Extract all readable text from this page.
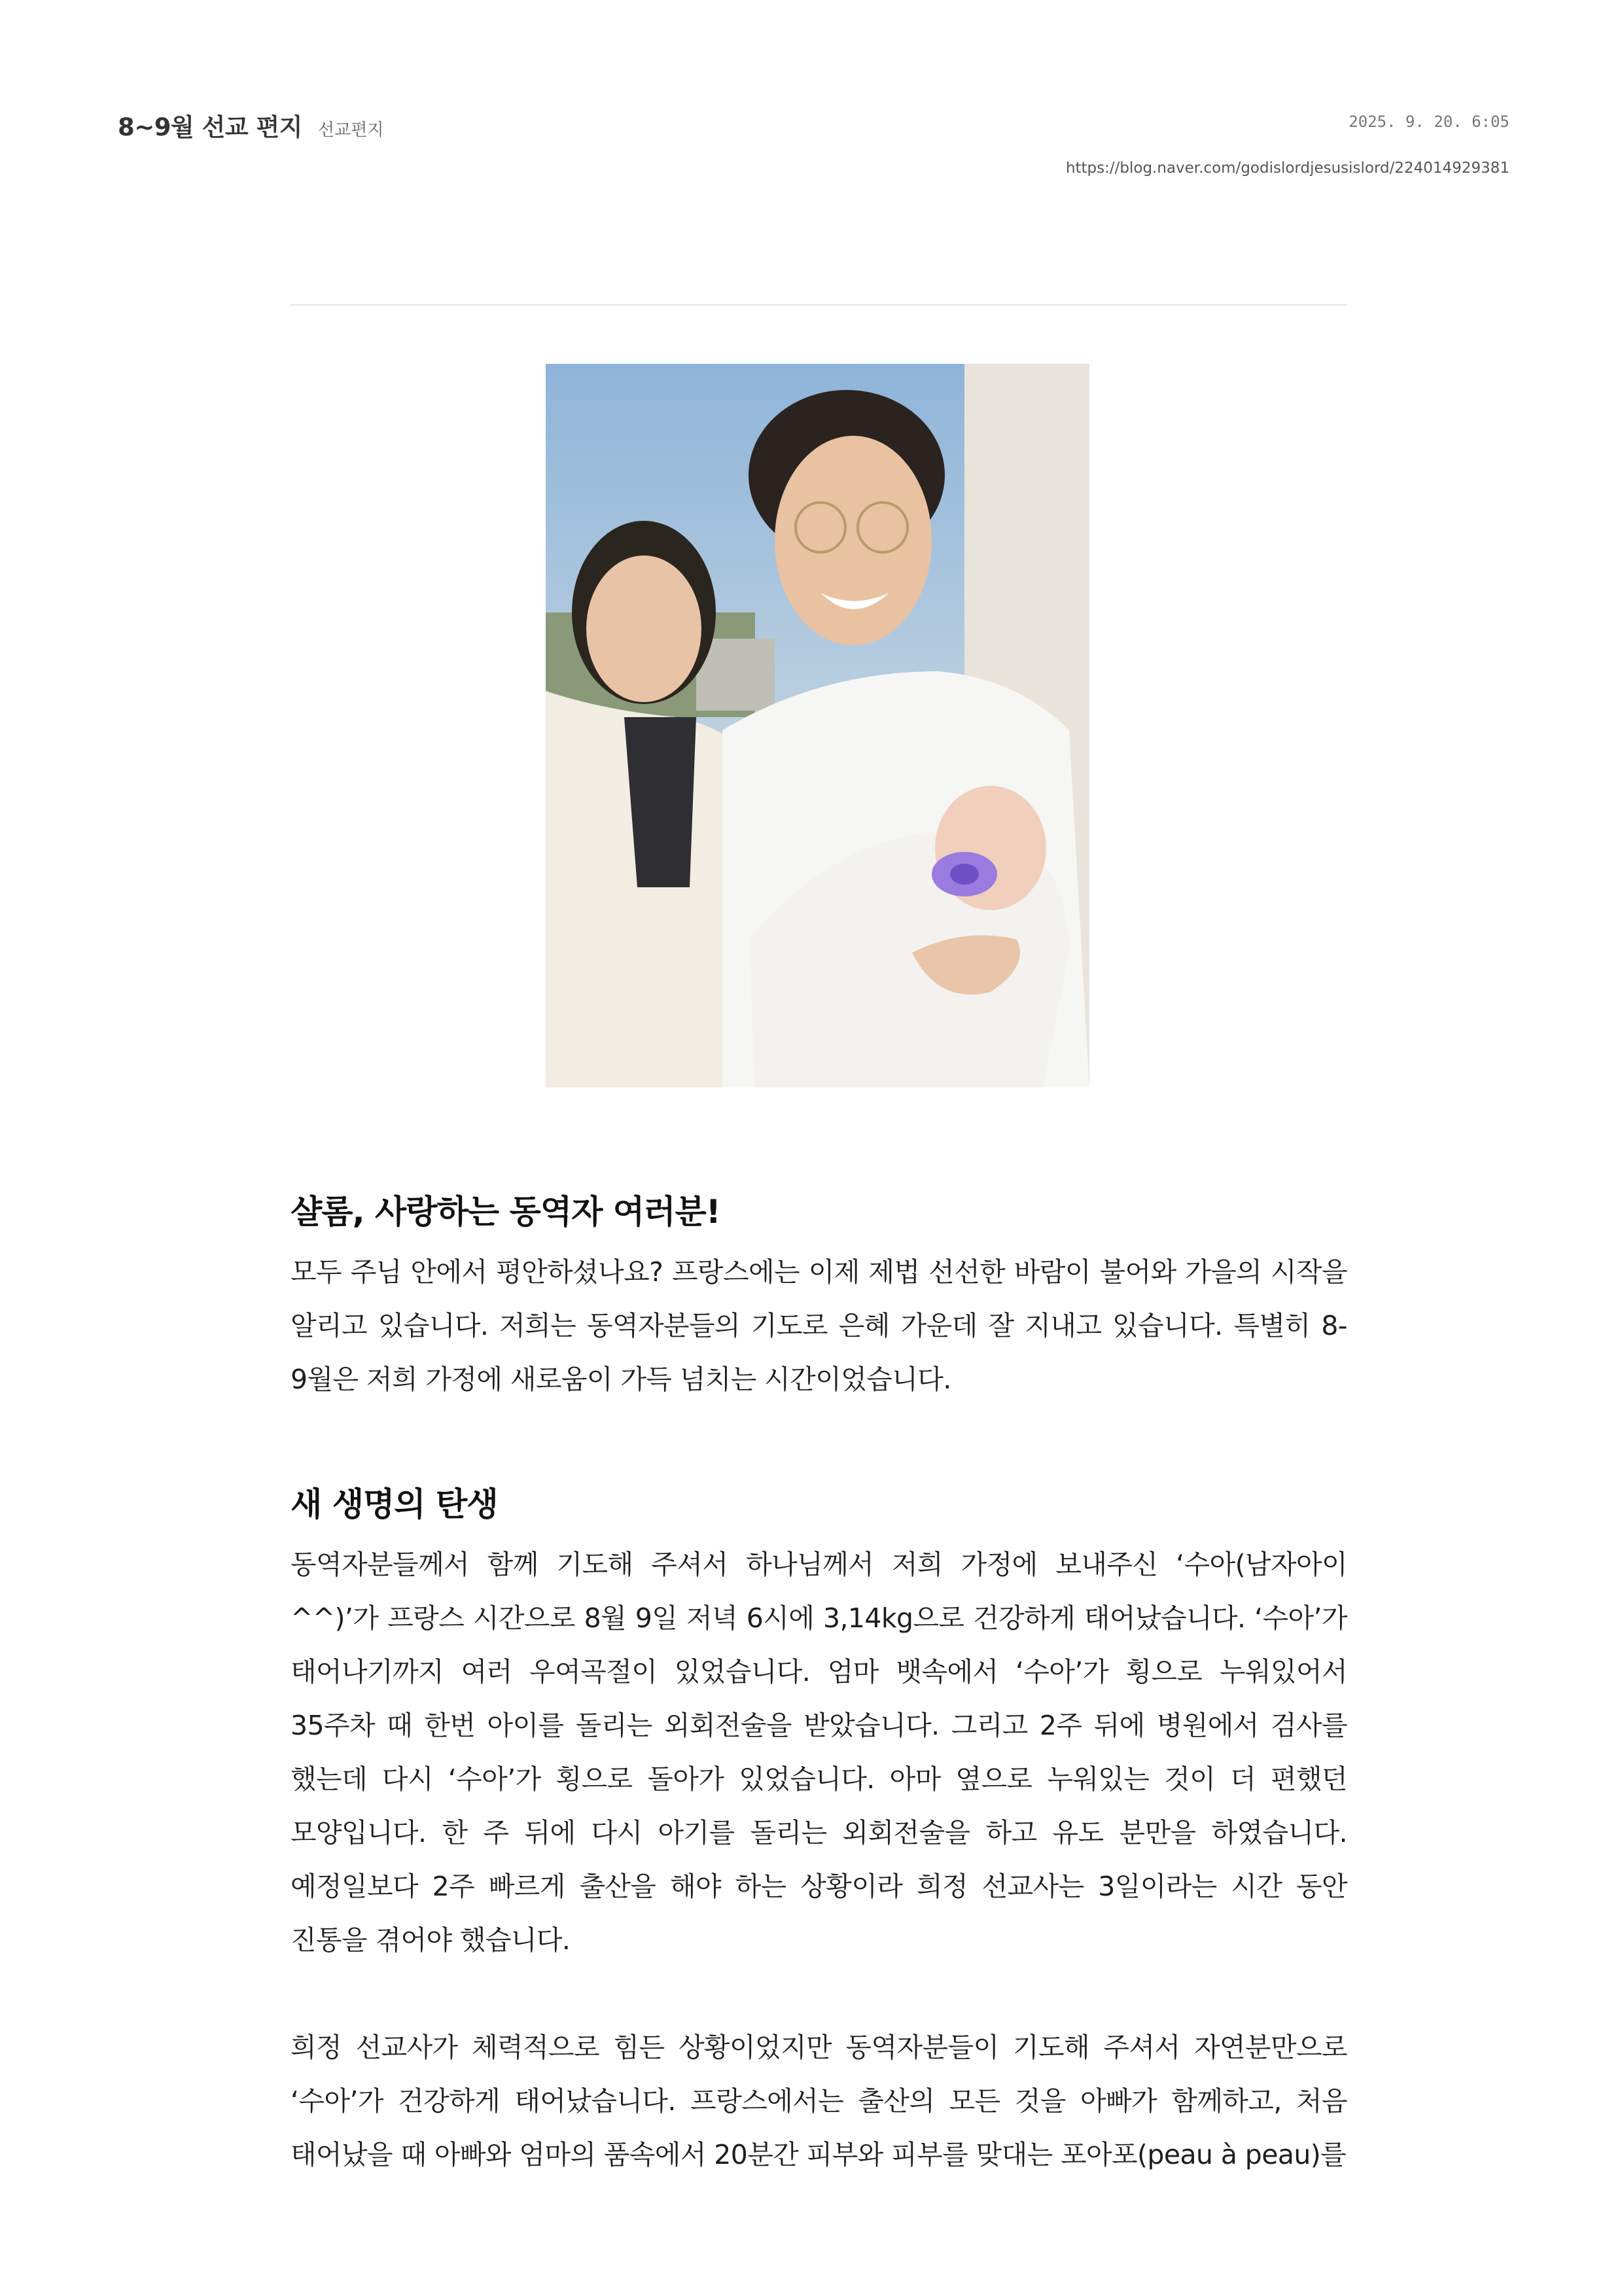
8~9월 선교 편지 선교편지	2025. 9. 20. 6:05
https://blog.naver.com/godislordjesusislord/224014929381
샬롬, 사랑하는 동역자 여러분!

모두 주님 안에서 평안하셨나요? 프랑스에는 이제 제법 선선한 바람이 불어와 가을의 시작을 알리고 있습니다. 저희는 동역자분들의 기도로 은혜 가운데 잘 지내고 있습니다. 특별히 8-9월은 저희 가정에 새로움이 가득 넘치는 시간이었습니다.

새 생명의 탄생

동역자분들께서 함께 기도해 주셔서 하나님께서 저희 가정에 보내주신 ‘수아(남자아이^^)’가 프랑스 시간으로 8월 9일 저녁 6시에 3,14kg으로 건강하게 태어났습니다. ‘수아’가 태어나기까지 여러 우여곡절이 있었습니다. 엄마 뱃속에서 ‘수아’가 횡으로 누워있어서 35주차 때 한번 아이를 돌리는 외회전술을 받았습니다. 그리고 2주 뒤에 병원에서 검사를 했는데 다시 ‘수아’가 횡으로 돌아가 있었습니다. 아마 옆으로 누워있는 것이 더 편했던 모양입니다. 한 주 뒤에 다시 아기를 돌리는 외회전술을 하고 유도 분만을 하였습니다. 예정일보다 2주 빠르게 출산을 해야 하는 상황이라 희정 선교사는 3일이라는 시간 동안 진통을 겪어야 했습니다.

희정 선교사가 체력적으로 힘든 상황이었지만 동역자분들이 기도해 주셔서 자연분만으로 ‘수아’가 건강하게 태어났습니다. 프랑스에서는 출산의 모든 것을 아빠가 함께하고, 처음 태어났을 때 아빠와 엄마의 품속에서 20분간 피부와 피부를 맞대는 포아포(peau à peau)를
